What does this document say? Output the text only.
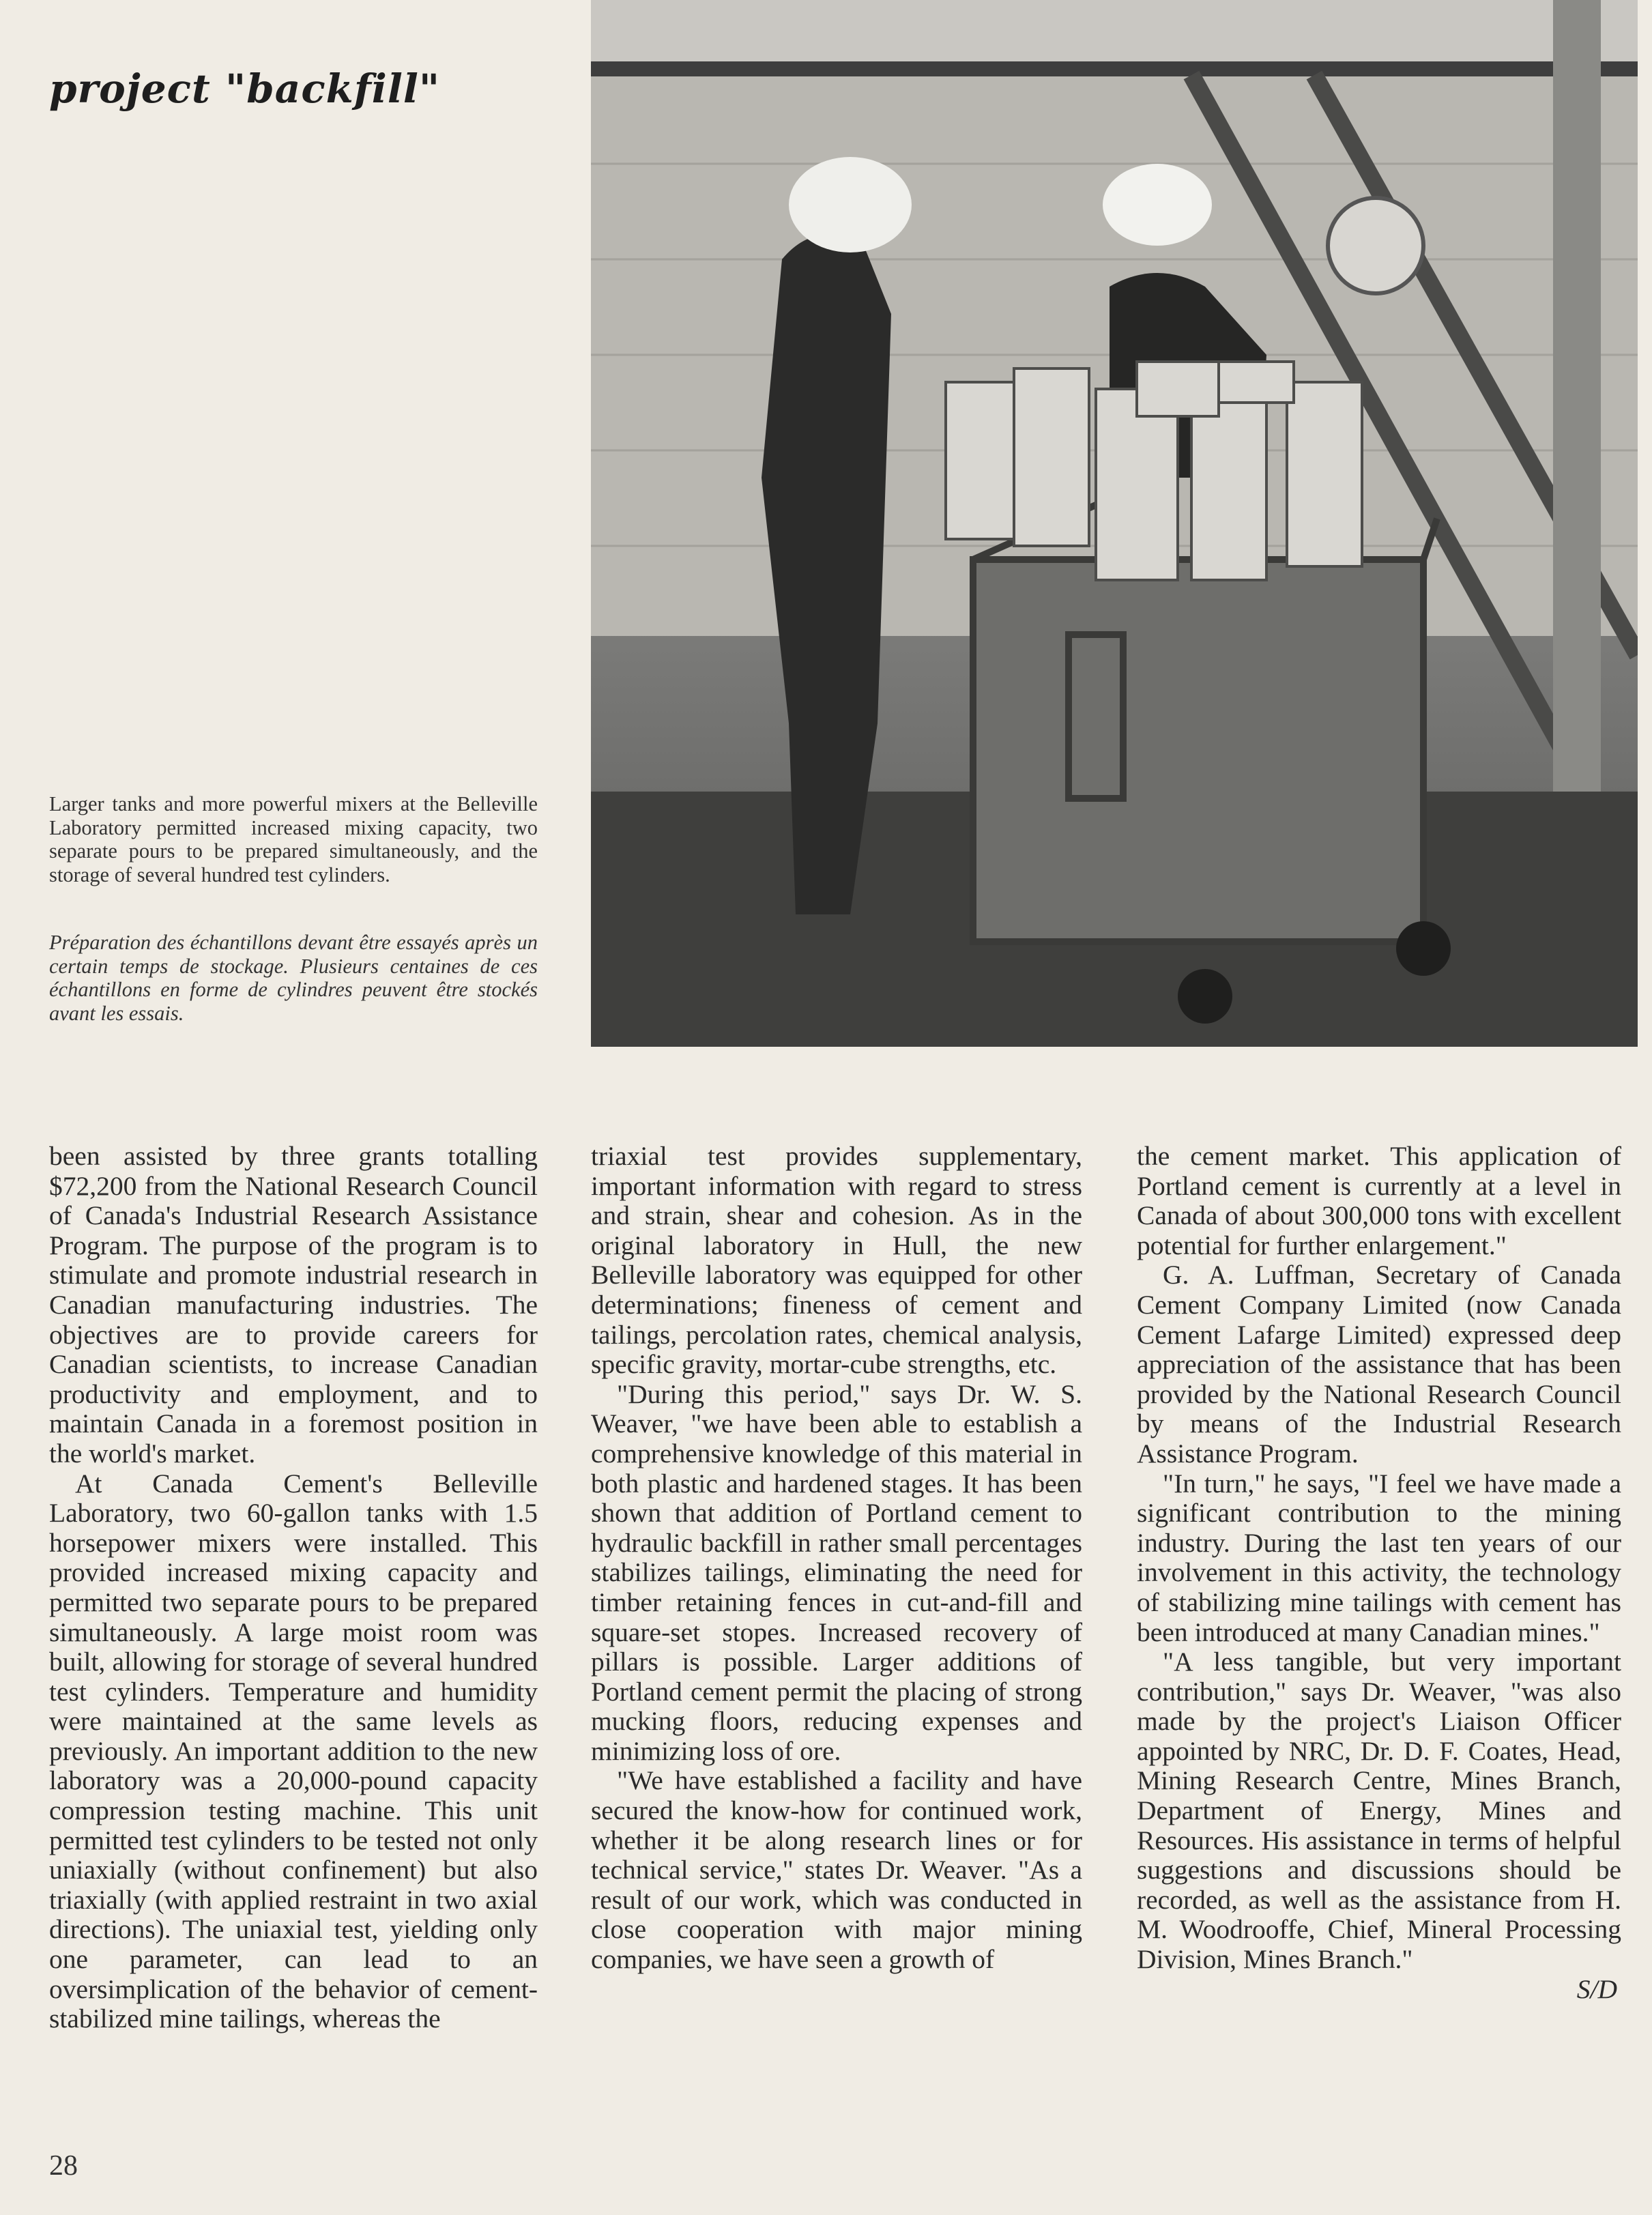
project "backfill"

Larger tanks and more powerful mixers at the Belleville Laboratory permitted increased mixing capacity, two separate pours to be prepared simultaneously, and the storage of several hundred test cylinders.

Préparation des échantillons devant être essayés après un certain temps de stockage. Plusieurs centaines de ces échantillons en forme de cylindres peuvent être stockés avant les essais.

been assisted by three grants totalling $72,200 from the National Research Council of Canada's Industrial Research Assistance Program. The purpose of the program is to stimulate and promote industrial research in Canadian manufacturing industries. The objectives are to provide careers for Canadian scientists, to increase Canadian productivity and employment, and to maintain Canada in a foremost position in the world's market.

At Canada Cement's Belleville Laboratory, two 60-gallon tanks with 1.5 horsepower mixers were installed. This provided increased mixing capacity and permitted two separate pours to be prepared simultaneously. A large moist room was built, allowing for storage of several hundred test cylinders. Temperature and humidity were maintained at the same levels as previously. An important addition to the new laboratory was a 20,000-pound capacity compression testing machine. This unit permitted test cylinders to be tested not only uniaxially (without confinement) but also triaxially (with applied restraint in two axial directions). The uniaxial test, yielding only one parameter, can lead to an oversimplication of the behavior of cement-stabilized mine tailings, whereas the

triaxial test provides supplementary, important information with regard to stress and strain, shear and cohesion. As in the original laboratory in Hull, the new Belleville laboratory was equipped for other determinations; fineness of cement and tailings, percolation rates, chemical analysis, specific gravity, mortar-cube strengths, etc.

"During this period," says Dr. W. S. Weaver, "we have been able to establish a comprehensive knowledge of this material in both plastic and hardened stages. It has been shown that addition of Portland cement to hydraulic backfill in rather small percentages stabilizes tailings, eliminating the need for timber retaining fences in cut-and-fill and square-set stopes. Increased recovery of pillars is possible. Larger additions of Portland cement permit the placing of strong mucking floors, reducing expenses and minimizing loss of ore.

"We have established a facility and have secured the know-how for continued work, whether it be along research lines or for technical service," states Dr. Weaver. "As a result of our work, which was conducted in close cooperation with major mining companies, we have seen a growth of

the cement market. This application of Portland cement is currently at a level in Canada of about 300,000 tons with excellent potential for further enlargement."

G. A. Luffman, Secretary of Canada Cement Company Limited (now Canada Cement Lafarge Limited) expressed deep appreciation of the assistance that has been provided by the National Research Council by means of the Industrial Research Assistance Program.

"In turn," he says, "I feel we have made a significant contribution to the mining industry. During the last ten years of our involvement in this activity, the technology of stabilizing mine tailings with cement has been introduced at many Canadian mines."

"A less tangible, but very important contribution," says Dr. Weaver, "was also made by the project's Liaison Officer appointed by NRC, Dr. D. F. Coates, Head, Mining Research Centre, Mines Branch, Department of Energy, Mines and Resources. His assistance in terms of helpful suggestions and discussions should be recorded, as well as the assistance from H. M. Woodrooffe, Chief, Mineral Processing Division, Mines Branch."

S/D

28
